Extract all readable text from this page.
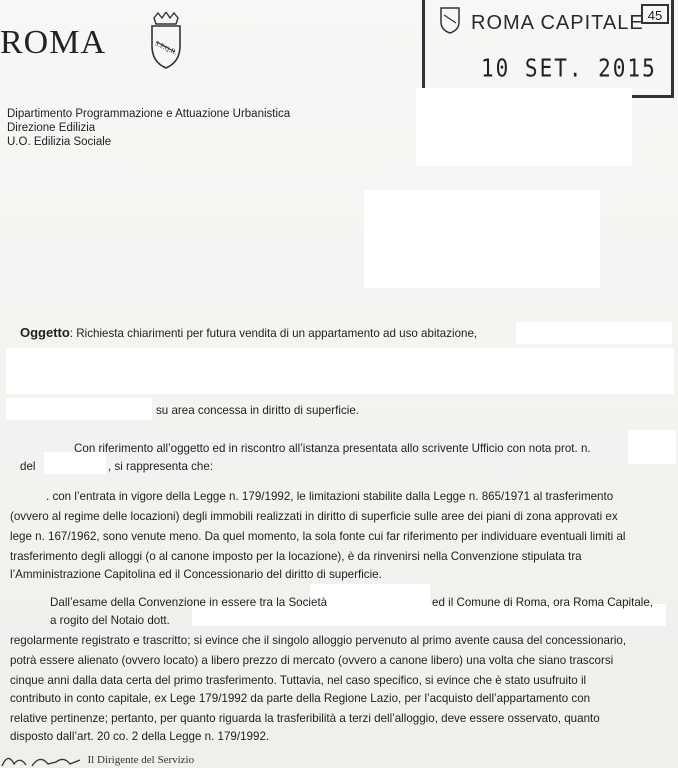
ROMA	S.P.Q.R.
ROMA CAPITALE 45
10 SET. 2015
Dipartimento Programmazione e Attuazione Urbanistica
Direzione Edilizia
U.O. Edilizia Sociale
Oggetto: Richiesta chiarimenti per futura vendita di un appartamento ad uso abitazione,
su area concessa in diritto di superficie.
Con riferimento all’oggetto ed in riscontro all’istanza presentata allo scrivente Ufficio con nota prot. n.
del	, si rappresenta che:
. con l’entrata in vigore della Legge n. 179/1992, le limitazioni stabilite dalla Legge n. 865/1971 al trasferimento
(ovvero al regime delle locazioni) degli immobili realizzati in diritto di superficie sulle aree dei piani di zona approvati ex
lege n. 167/1962, sono venute meno. Da quel momento, la sola fonte cui far riferimento per individuare eventuali limiti al
trasferimento degli alloggi (o al canone imposto per la locazione), è da rinvenirsi nella Convenzione stipulata tra
l’Amministrazione Capitolina ed il Concessionario del diritto di superficie.
Dall’esame della Convenzione in essere tra la Società	ed il Comune di Roma, ora Roma Capitale,
a rogito del Notaio dott.
regolarmente registrato e trascritto; si evince che il singolo alloggio pervenuto al primo avente causa del concessionario,
potrà essere alienato (ovvero locato) a libero prezzo di mercato (ovvero a canone libero) una volta che siano trascorsi
cinque anni dalla data certa del primo trasferimento. Tuttavia, nel caso specifico, si evince che è stato usufruito il
contributo in conto capitale, ex Lege 179/1992 da parte della Regione Lazio, per l’acquisto dell’appartamento con
relative pertinenze; pertanto, per quanto riguarda la trasferibilità a terzi dell’alloggio, deve essere osservato, quanto
disposto dall’art. 20 co. 2 della Legge n. 179/1992.
Il Dirigente del Servizio
